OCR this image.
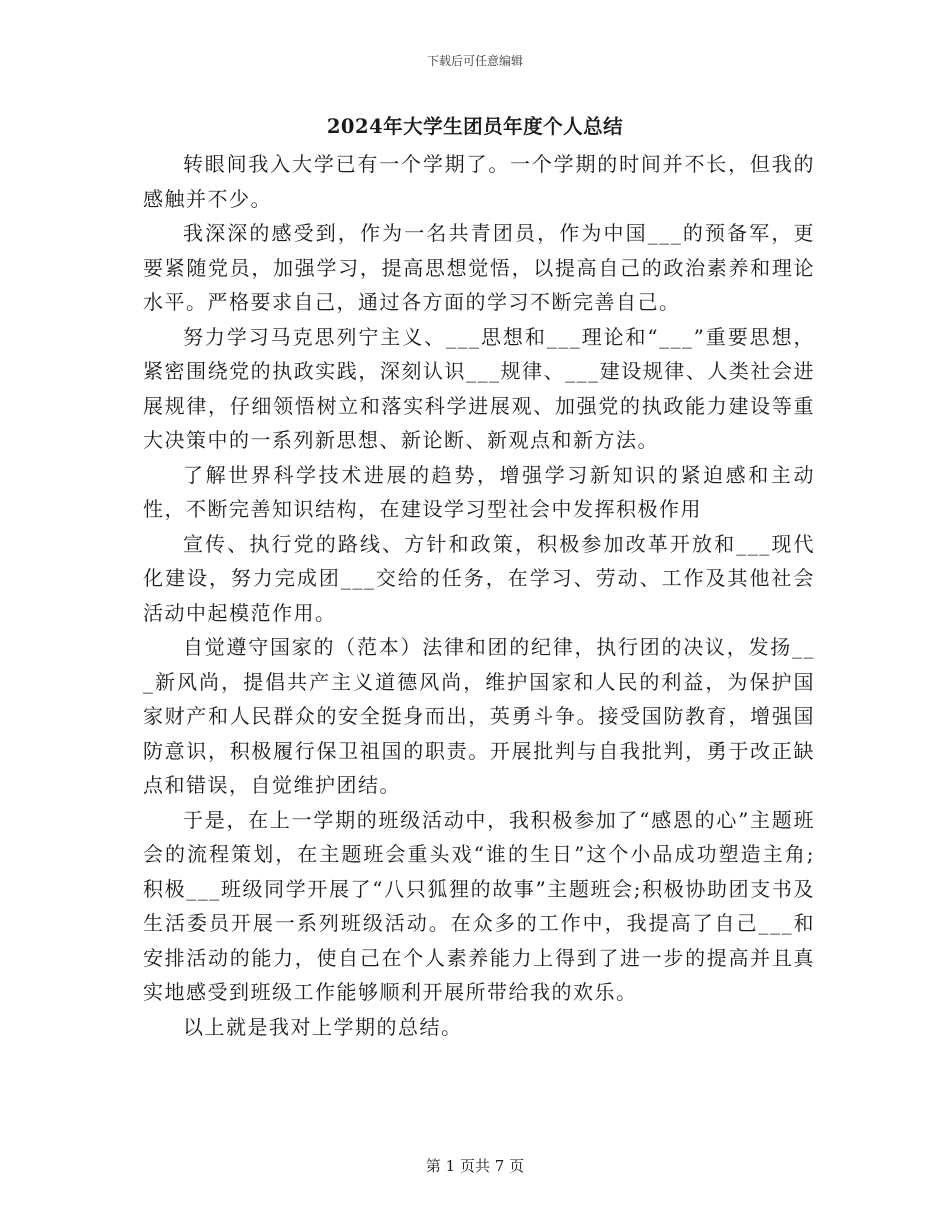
下载后可任意编辑
2024年大学生团员年度个人总结

转眼间我入大学已有一个学期了。一个学期的时间并不长，但我的感触并不少。

我深深的感受到，作为一名共青团员，作为中国___的预备军，更要紧随党员，加强学习，提高思想觉悟，以提高自己的政治素养和理论水平。严格要求自己，通过各方面的学习不断完善自己。

努力学习马克思列宁主义、___思想和___理论和“___”重要思想，紧密围绕党的执政实践，深刻认识___规律、___建设规律、人类社会进展规律，仔细领悟树立和落实科学进展观、加强党的执政能力建设等重大决策中的一系列新思想、新论断、新观点和新方法。

了解世界科学技术进展的趋势，增强学习新知识的紧迫感和主动性，不断完善知识结构，在建设学习型社会中发挥积极作用

宣传、执行党的路线、方针和政策，积极参加改革开放和___现代化建设，努力完成团___交给的任务，在学习、劳动、工作及其他社会活动中起模范作用。

自觉遵守国家的（范本）法律和团的纪律，执行团的决议，发扬___新风尚，提倡共产主义道德风尚，维护国家和人民的利益，为保护国家财产和人民群众的安全挺身而出，英勇斗争。接受国防教育，增强国防意识，积极履行保卫祖国的职责。开展批判与自我批判，勇于改正缺点和错误，自觉维护团结。

于是，在上一学期的班级活动中，我积极参加了“感恩的心”主题班会的流程策划，在主题班会重头戏“谁的生日”这个小品成功塑造主角;积极___班级同学开展了“八只狐狸的故事”主题班会;积极协助团支书及生活委员开展一系列班级活动。在众多的工作中，我提高了自己___和安排活动的能力，使自己在个人素养能力上得到了进一步的提高并且真实地感受到班级工作能够顺利开展所带给我的欢乐。

以上就是我对上学期的总结。

第 1 页共 7 页
